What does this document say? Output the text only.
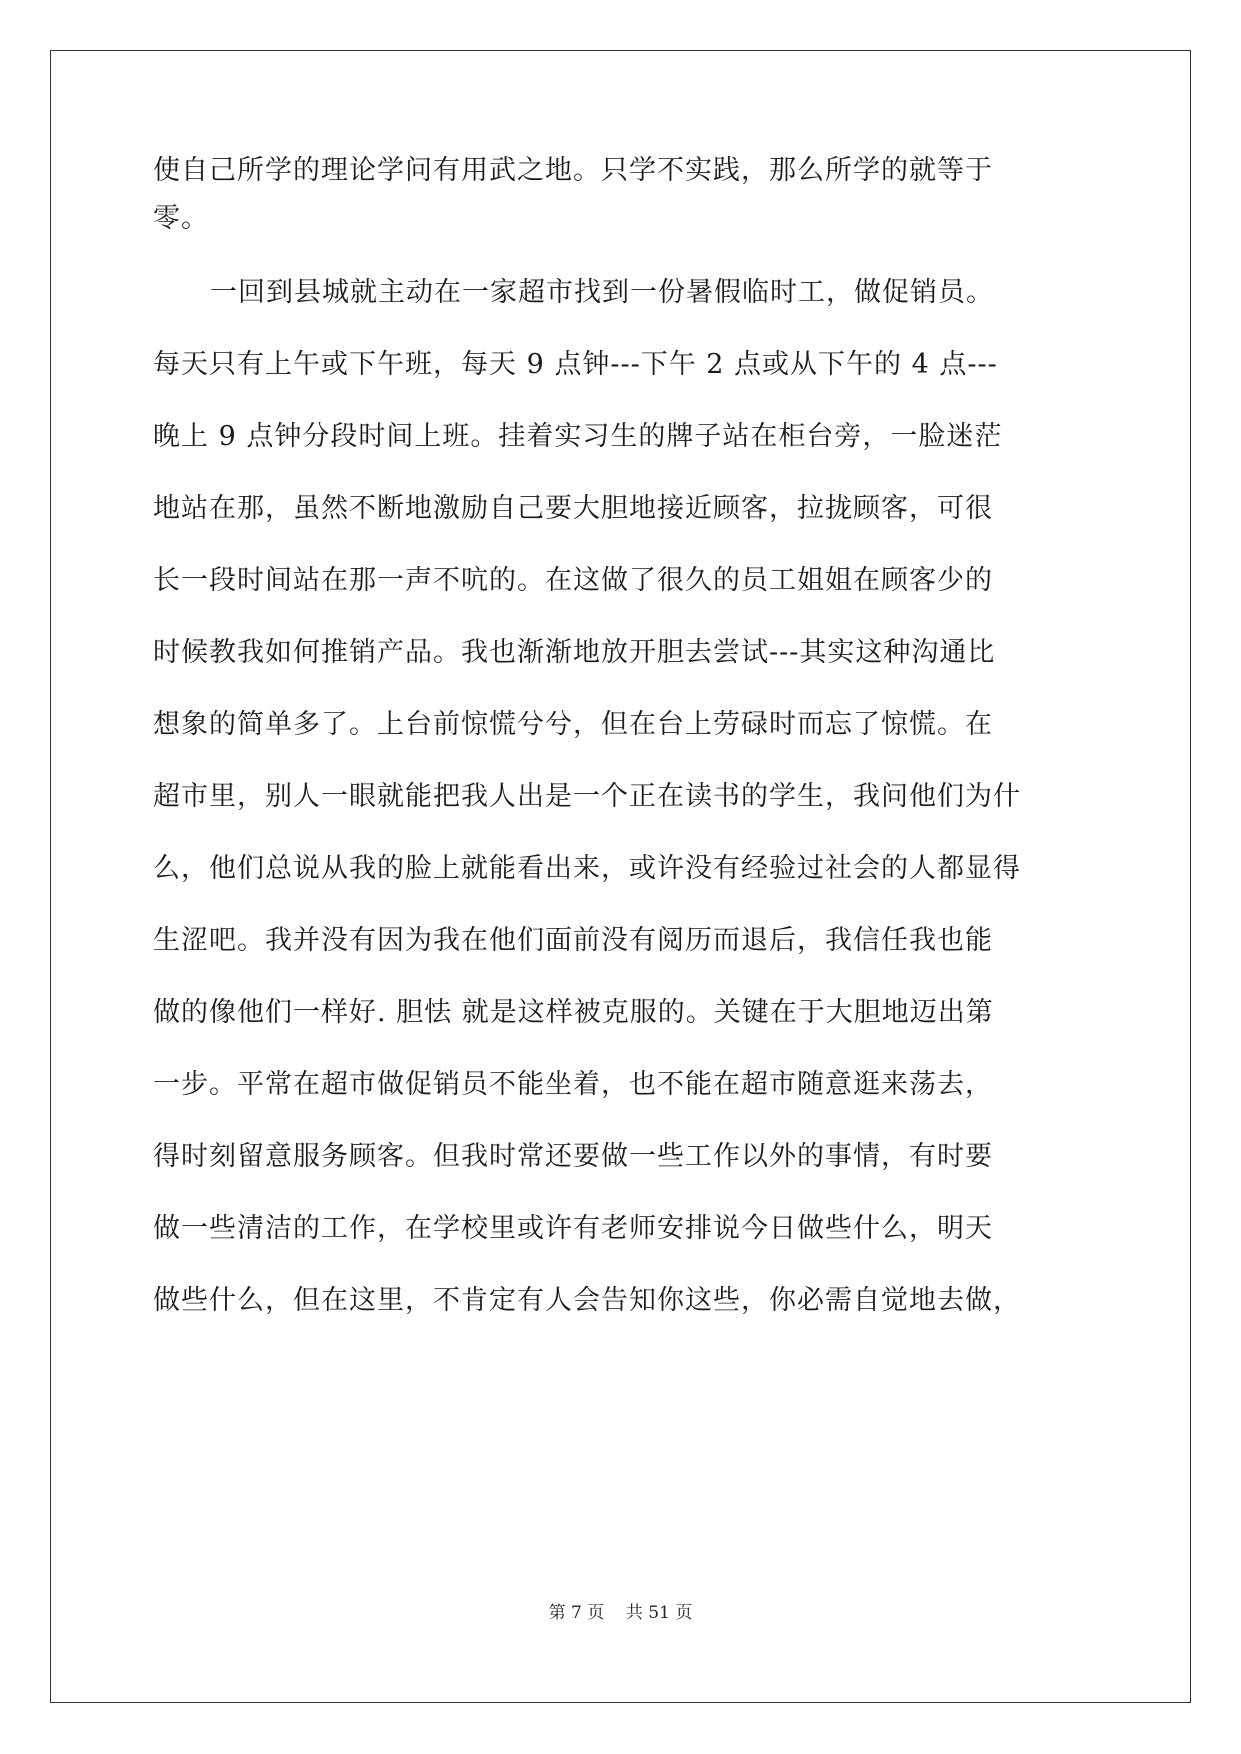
使自己所学的理论学问有用武之地。只学不实践，那么所学的就等于
零。
一回到县城就主动在一家超市找到一份暑假临时工，做促销员。
每天只有上午或下午班，每天 9 点钟---下午 2 点或从下午的 4 点---
晚上 9 点钟分段时间上班。挂着实习生的牌子站在柜台旁，一脸迷茫
地站在那，虽然不断地激励自己要大胆地接近顾客，拉拢顾客，可很
长一段时间站在那一声不吭的。在这做了很久的员工姐姐在顾客少的
时候教我如何推销产品。我也渐渐地放开胆去尝试---其实这种沟通比
想象的简单多了。上台前惊慌兮兮，但在台上劳碌时而忘了惊慌。在
超市里，别人一眼就能把我人出是一个正在读书的学生，我问他们为什
么，他们总说从我的脸上就能看出来，或许没有经验过社会的人都显得
生涩吧。我并没有因为我在他们面前没有阅历而退后，我信任我也能
做的像他们一样好. 胆怯 就是这样被克服的。关键在于大胆地迈出第
一步。平常在超市做促销员不能坐着，也不能在超市随意逛来荡去，
得时刻留意服务顾客。但我时常还要做一些工作以外的事情，有时要
做一些清洁的工作，在学校里或许有老师安排说今日做些什么，明天
做些什么，但在这里，不肯定有人会告知你这些，你必需自觉地去做，
第 7 页    共 51 页
